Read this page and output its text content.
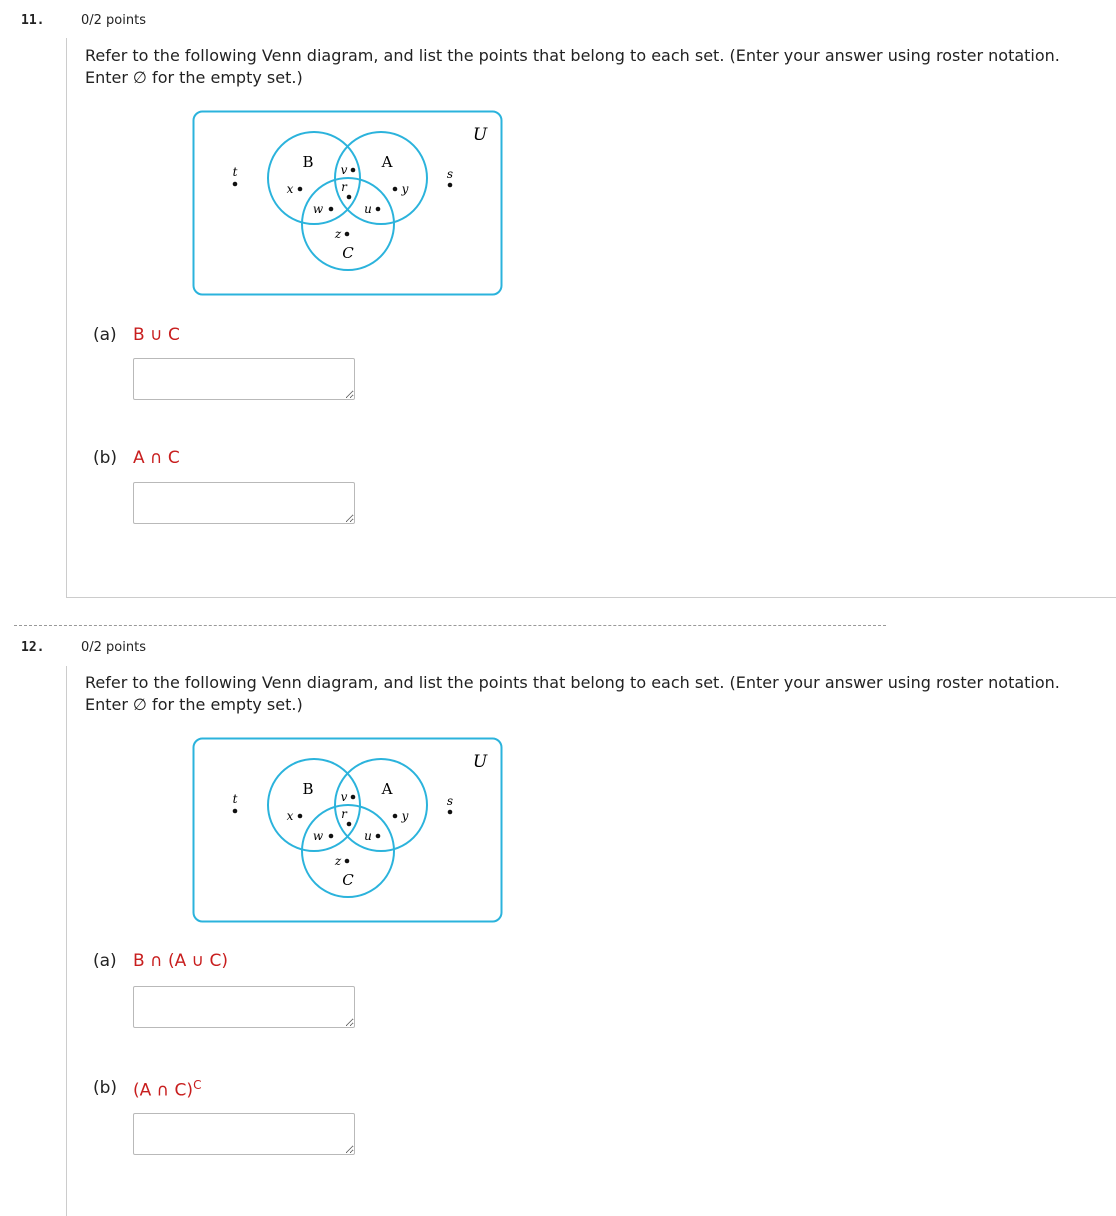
11.	0/2 points
Refer to the following Venn diagram, and list the points that belong to each set. (Enter your answer using roster notation.
Enter ∅ for the empty set.)
U
B	A
C
t	s
x
v
r	y
w	u
z
(a) B ∪ C
(b) A ∩ C
12.	0/2 points
Refer to the following Venn diagram, and list the points that belong to each set. (Enter your answer using roster notation.
Enter ∅ for the empty set.)
U
B	A
C
t	s
x
v
r	y
w	u
z
(a) B ∩ (A ∪ C)
(b) (A ∩ C)$^C$
